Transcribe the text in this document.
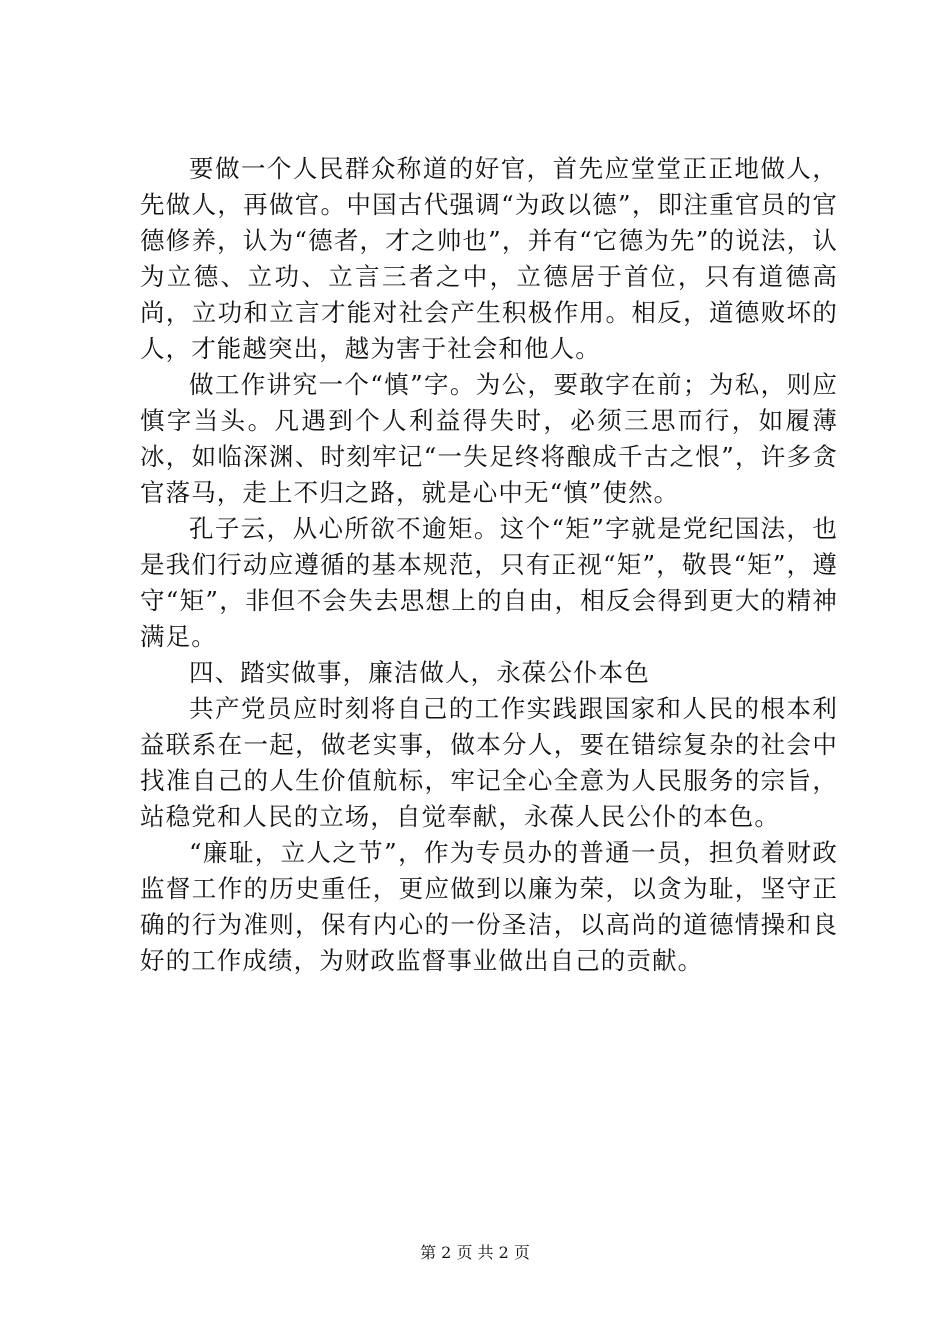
要做一个人民群众称道的好官，首先应堂堂正正地做人，先做人，再做官。中国古代强调“为政以德”，即注重官员的官德修养，认为“德者，才之帅也”，并有“它德为先”的说法，认为立德、立功、立言三者之中，立德居于首位，只有道德高尚，立功和立言才能对社会产生积极作用。相反，道德败坏的人，才能越突出，越为害于社会和他人。

做工作讲究一个“慎”字。为公，要敢字在前；为私，则应慎字当头。凡遇到个人利益得失时，必须三思而行，如履薄冰，如临深渊、时刻牢记“一失足终将酿成千古之恨”，许多贪官落马，走上不归之路，就是心中无“慎”使然。

孔子云，从心所欲不逾矩。这个“矩”字就是党纪国法，也是我们行动应遵循的基本规范，只有正视“矩”，敬畏“矩”，遵守“矩”，非但不会失去思想上的自由，相反会得到更大的精神满足。

四、踏实做事，廉洁做人，永葆公仆本色

共产党员应时刻将自己的工作实践跟国家和人民的根本利益联系在一起，做老实事，做本分人，要在错综复杂的社会中找准自己的人生价值航标，牢记全心全意为人民服务的宗旨，站稳党和人民的立场，自觉奉献，永葆人民公仆的本色。

“廉耻，立人之节”，作为专员办的普通一员，担负着财政监督工作的历史重任，更应做到以廉为荣，以贪为耻，坚守正确的行为准则，保有内心的一份圣洁，以高尚的道德情操和良好的工作成绩，为财政监督事业做出自己的贡献。

第 2 页 共 2 页
